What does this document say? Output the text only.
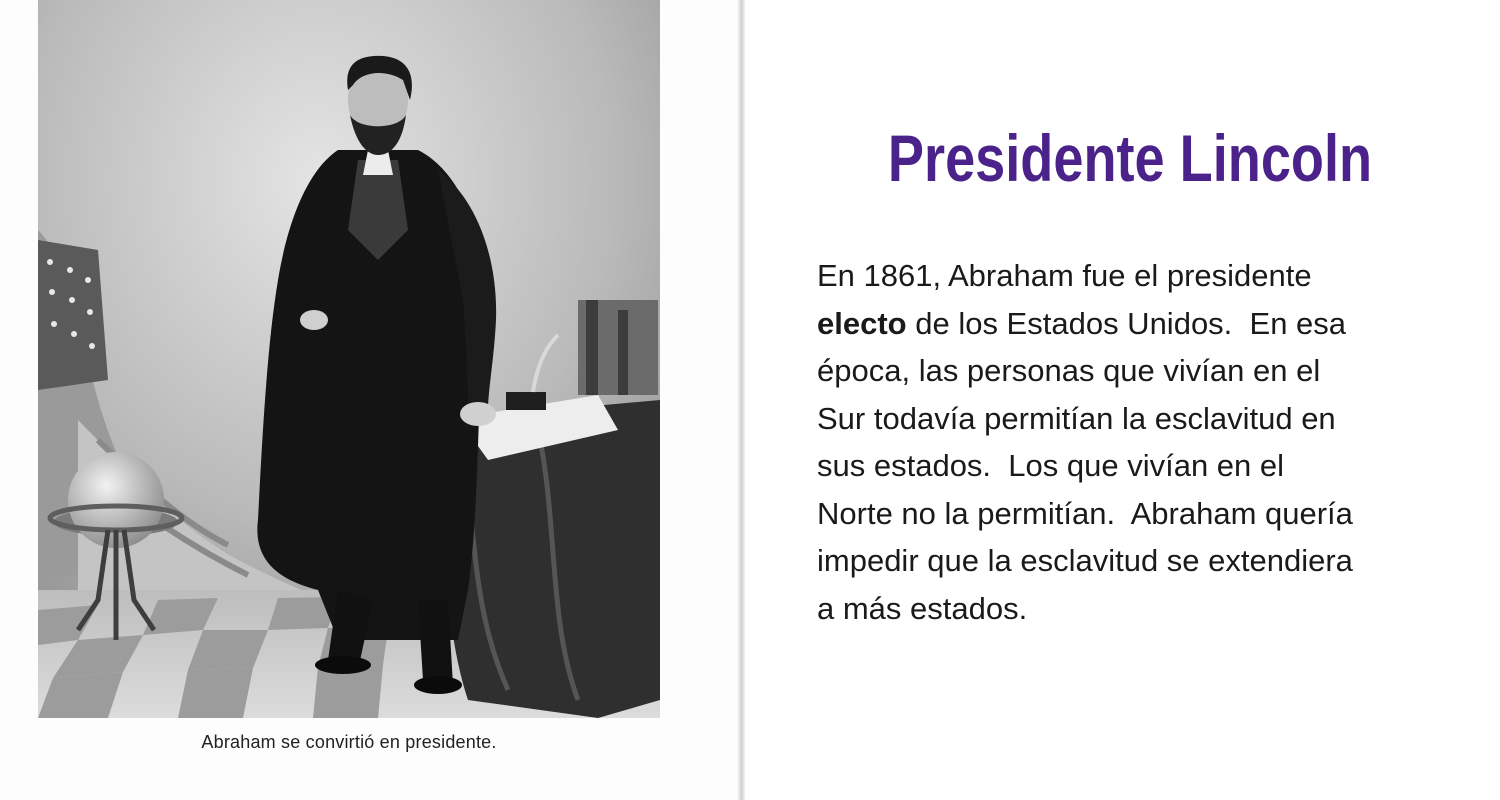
Abraham se convirtió en presidente.
Presidente Lincoln
En 1861, Abraham fue el presidente
electo de los Estados Unidos.  En esa
época, las personas que vivían en el
Sur todavía permitían la esclavitud en
sus estados.  Los que vivían en el
Norte no la permitían.  Abraham quería
impedir que la esclavitud se extendiera
a más estados.
